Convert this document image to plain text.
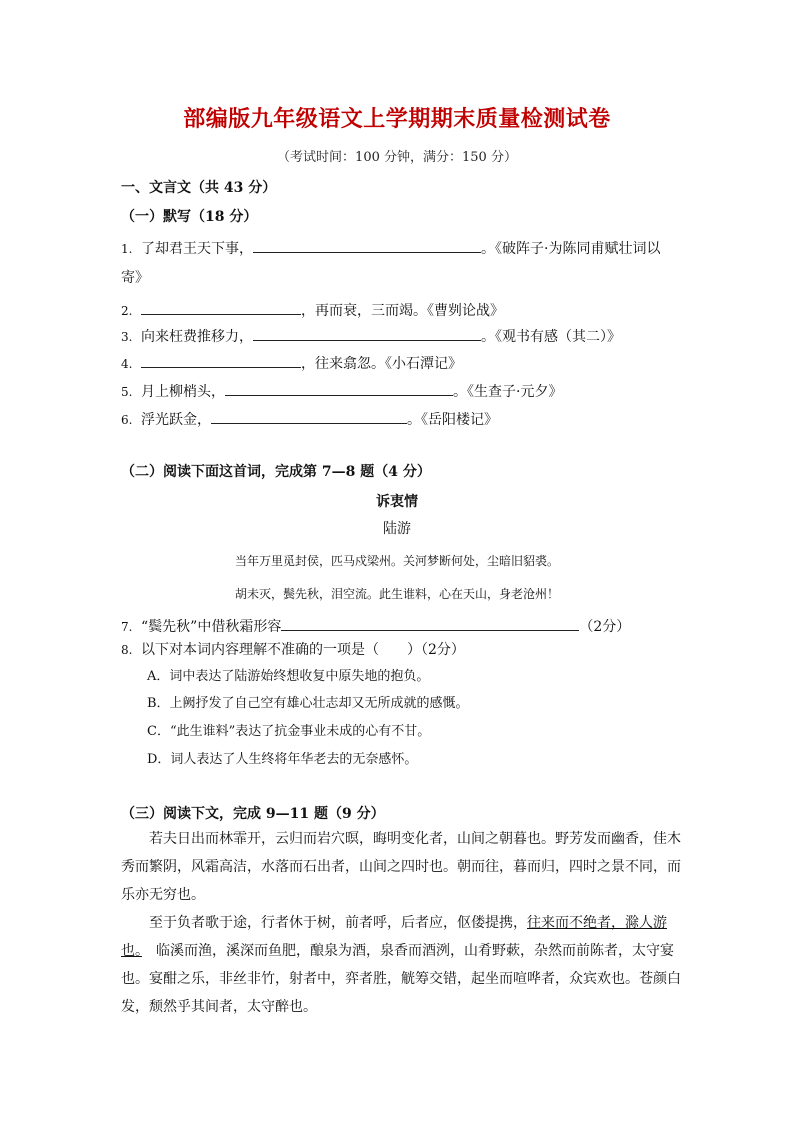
部编版九年级语文上学期期末质量检测试卷
（考试时间：100 分钟，满分：150 分）
一、文言文（共 43 分）
（一）默写（18 分）
1. 了却君王天下事，	。《破阵子·为陈同甫赋壮词以
寄》
2.	，再而衰，三而竭。《曹刿论战》
3. 向来枉费推移力，	。《观书有感（其二）》
4.	，往来翕忽。《小石潭记》
5. 月上柳梢头，	。《生查子·元夕》
6. 浮光跃金，	。《岳阳楼记》
（二）阅读下面这首词，完成第 7—8 题（4 分）
诉衷情
陆游
当年万里觅封侯，匹马戍梁州。关河梦断何处，尘暗旧貂裘。
胡未灭，鬓先秋，泪空流。此生谁料，心在天山，身老沧州！
7. “鬓先秋”中借秋霜形容	（2分）
8. 以下对本词内容理解不准确的一项是（　　）（2分）
A．词中表达了陆游始终想收复中原失地的抱负。
B．上阙抒发了自己空有雄心壮志却又无所成就的感慨。
C．“此生谁料”表达了抗金事业未成的心有不甘。
D．词人表达了人生终将年华老去的无奈感怀。
（三）阅读下文，完成 9—11 题（9 分）
若夫日出而林霏开，云归而岩穴暝，晦明变化者，山间之朝暮也。野芳发而幽香，佳木　秀而繁阴，风霜高洁，水落而石出者，山间之四时也。朝而往，暮而归，四时之景不同，而乐亦无穷也。
至于负者歌于途，行者休于树，前者呼，后者应，伛偻提携，往来而不绝者，滁人游也。　临溪而渔，溪深而鱼肥，酿泉为酒，泉香而酒洌，山肴野蔌，杂然而前陈者，太守宴也。宴酣之乐，非丝非竹，射者中，弈者胜，觥筹交错，起坐而喧哗者，众宾欢也。苍颜白发，颓然乎其间者，太守醉也。
